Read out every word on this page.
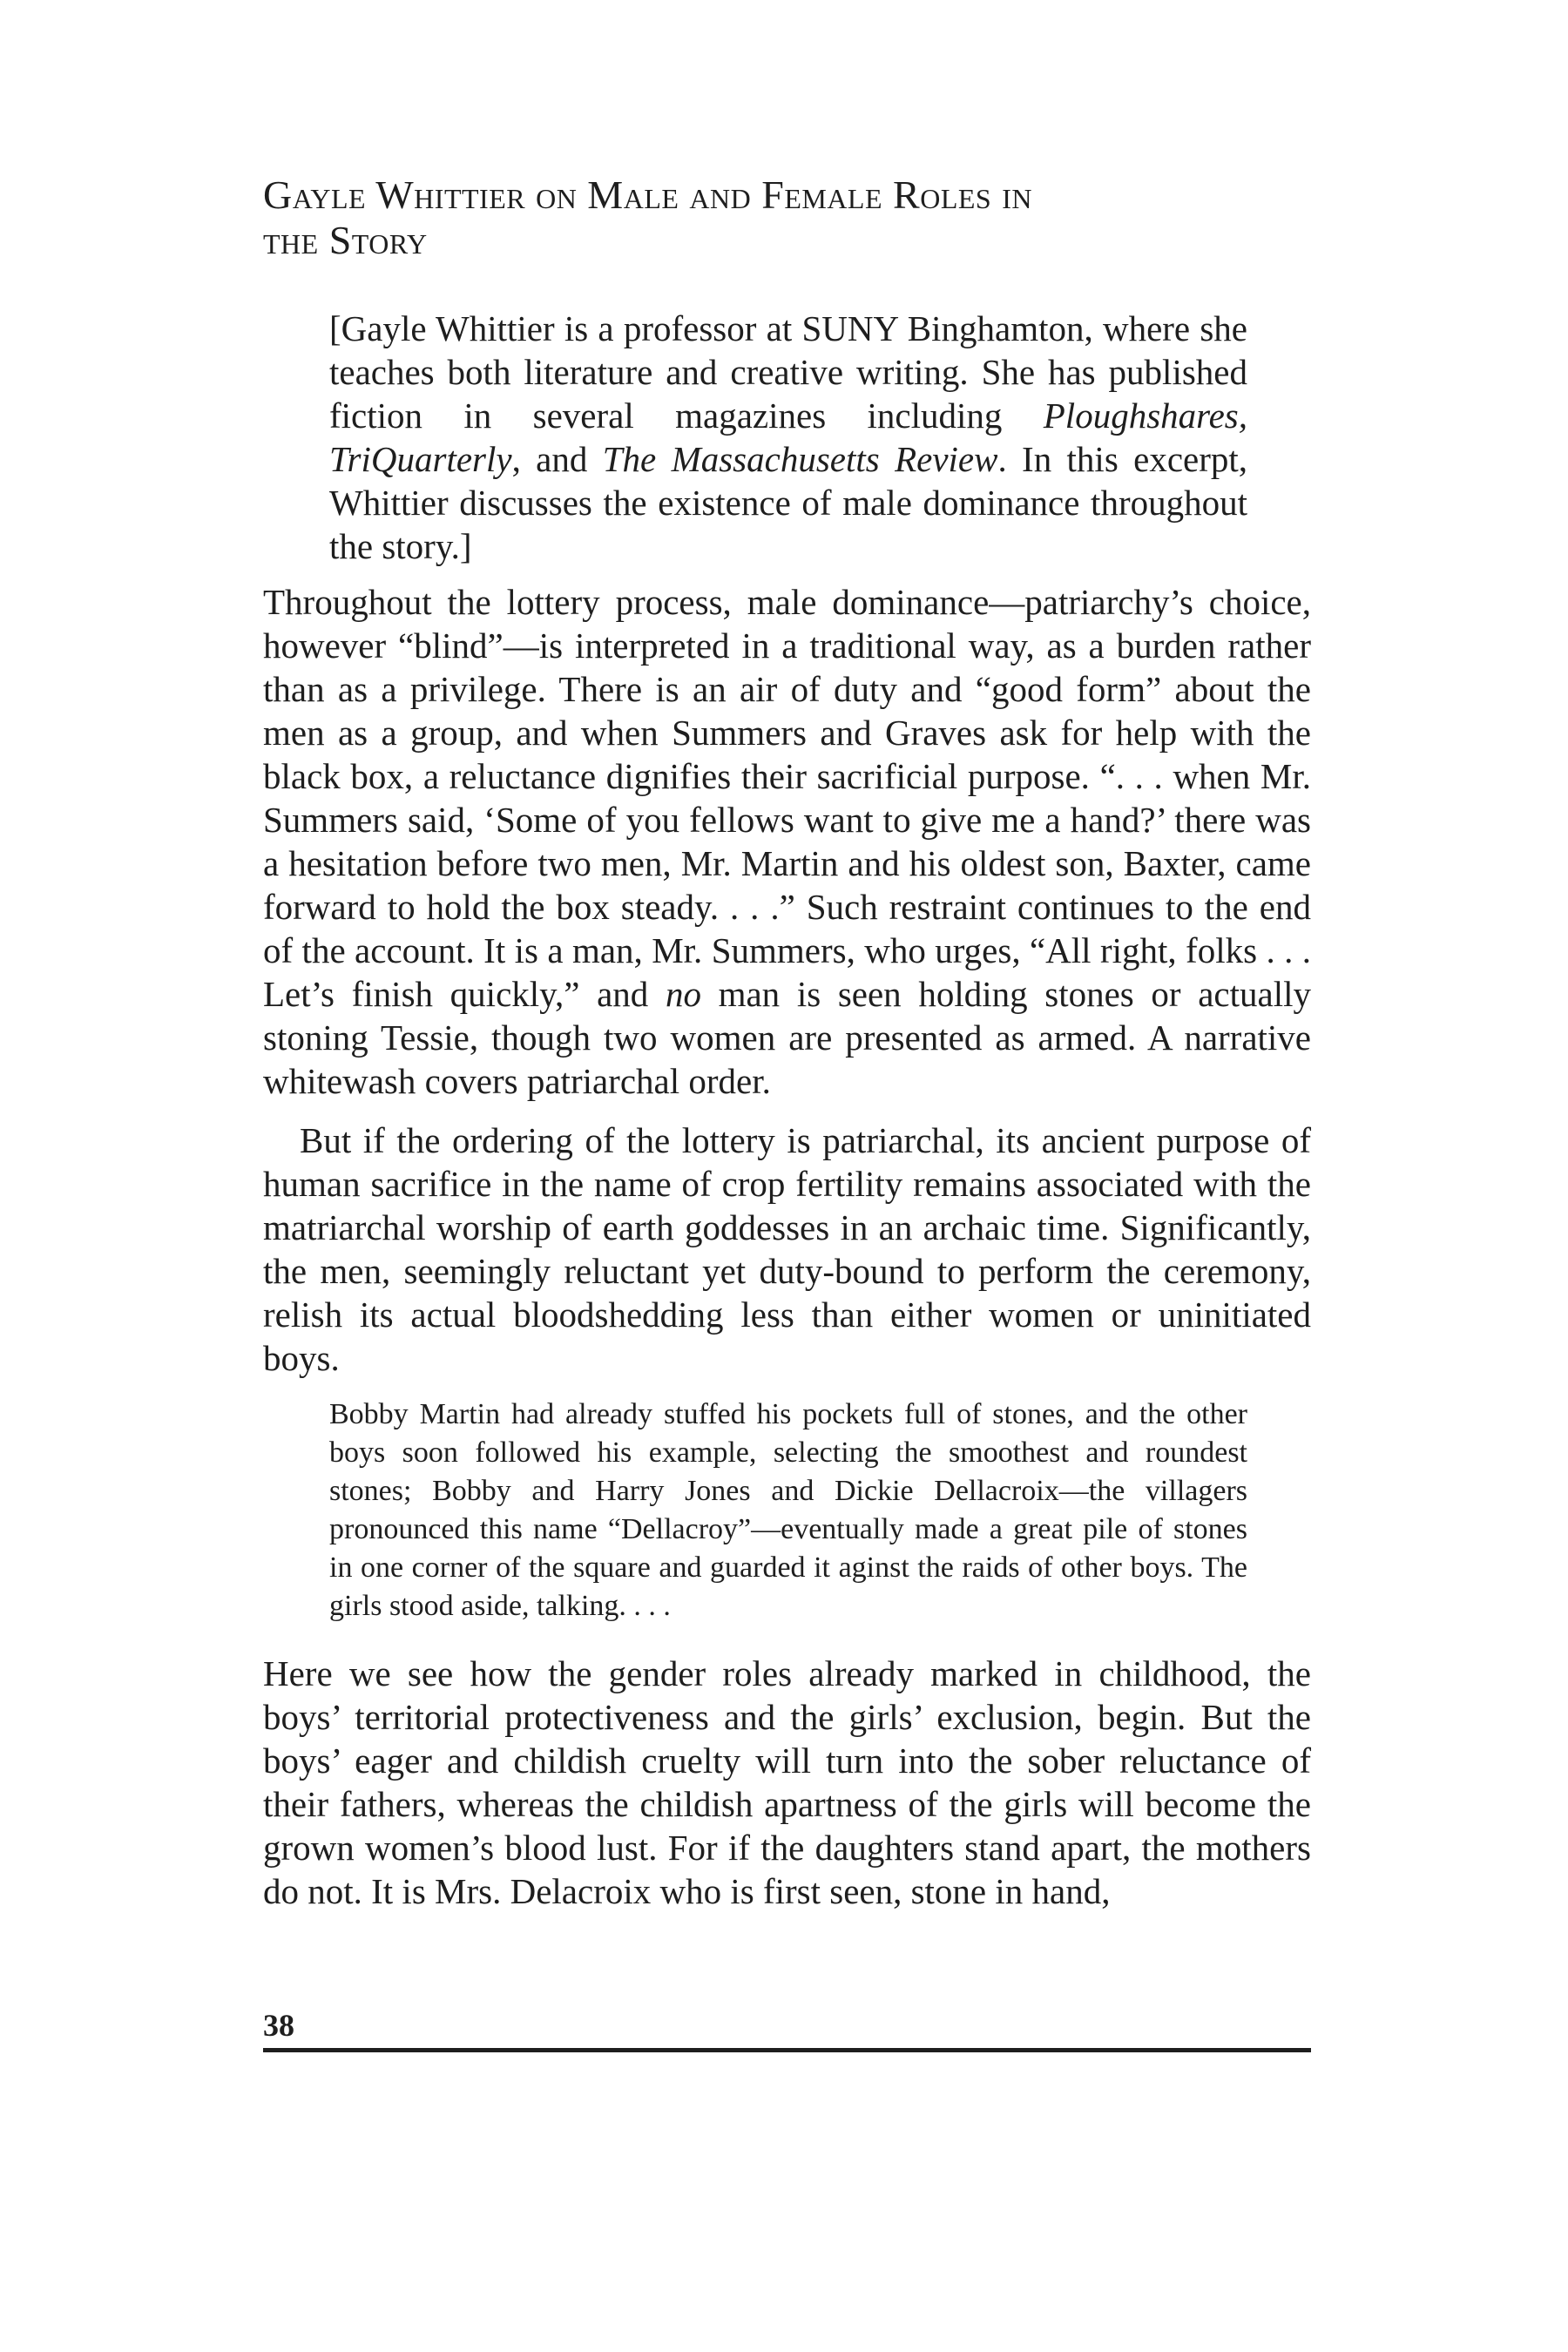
Gayle Whittier on Male and Female Roles in
the Story

[Gayle Whittier is a professor at SUNY Binghamton, where she teaches both literature and creative writing. She has published fiction in several magazines including Ploughshares, TriQuarterly, and The Massachusetts Review. In this excerpt, Whittier discusses the existence of male dominance throughout the story.]

Throughout the lottery process, male dominance—patriarchy’s choice, however “blind”—is interpreted in a traditional way, as a burden rather than as a privilege. There is an air of duty and “good form” about the men as a group, and when Summers and Graves ask for help with the black box, a reluctance dignifies their sacrificial purpose. “. . . when Mr. Summers said, ‘Some of you fellows want to give me a hand?’ there was a hesitation before two men, Mr. Martin and his oldest son, Baxter, came forward to hold the box steady. . . .” Such restraint continues to the end of the account. It is a man, Mr. Summers, who urges, “All right, folks . . . Let’s finish quickly,” and no man is seen holding stones or actually stoning Tessie, though two women are presented as armed. A narrative whitewash covers patriarchal order.

But if the ordering of the lottery is patriarchal, its ancient purpose of human sacrifice in the name of crop fertility remains associated with the matriarchal worship of earth goddesses in an archaic time. Significantly, the men, seemingly reluctant yet duty-bound to perform the ceremony, relish its actual bloodshedding less than either women or uninitiated boys.

Bobby Martin had already stuffed his pockets full of stones, and the other boys soon followed his example, selecting the smoothest and roundest stones; Bobby and Harry Jones and Dickie Dellacroix—the villagers pronounced this name “Dellacroy”—eventually made a great pile of stones in one corner of the square and guarded it aginst the raids of other boys. The girls stood aside, talking. . . .

Here we see how the gender roles already marked in childhood, the boys’ territorial protectiveness and the girls’ exclusion, begin. But the boys’ eager and childish cruelty will turn into the sober reluctance of their fathers, whereas the childish apartness of the girls will become the grown women’s blood lust. For if the daughters stand apart, the mothers do not. It is Mrs. Delacroix who is first seen, stone in hand,

38
